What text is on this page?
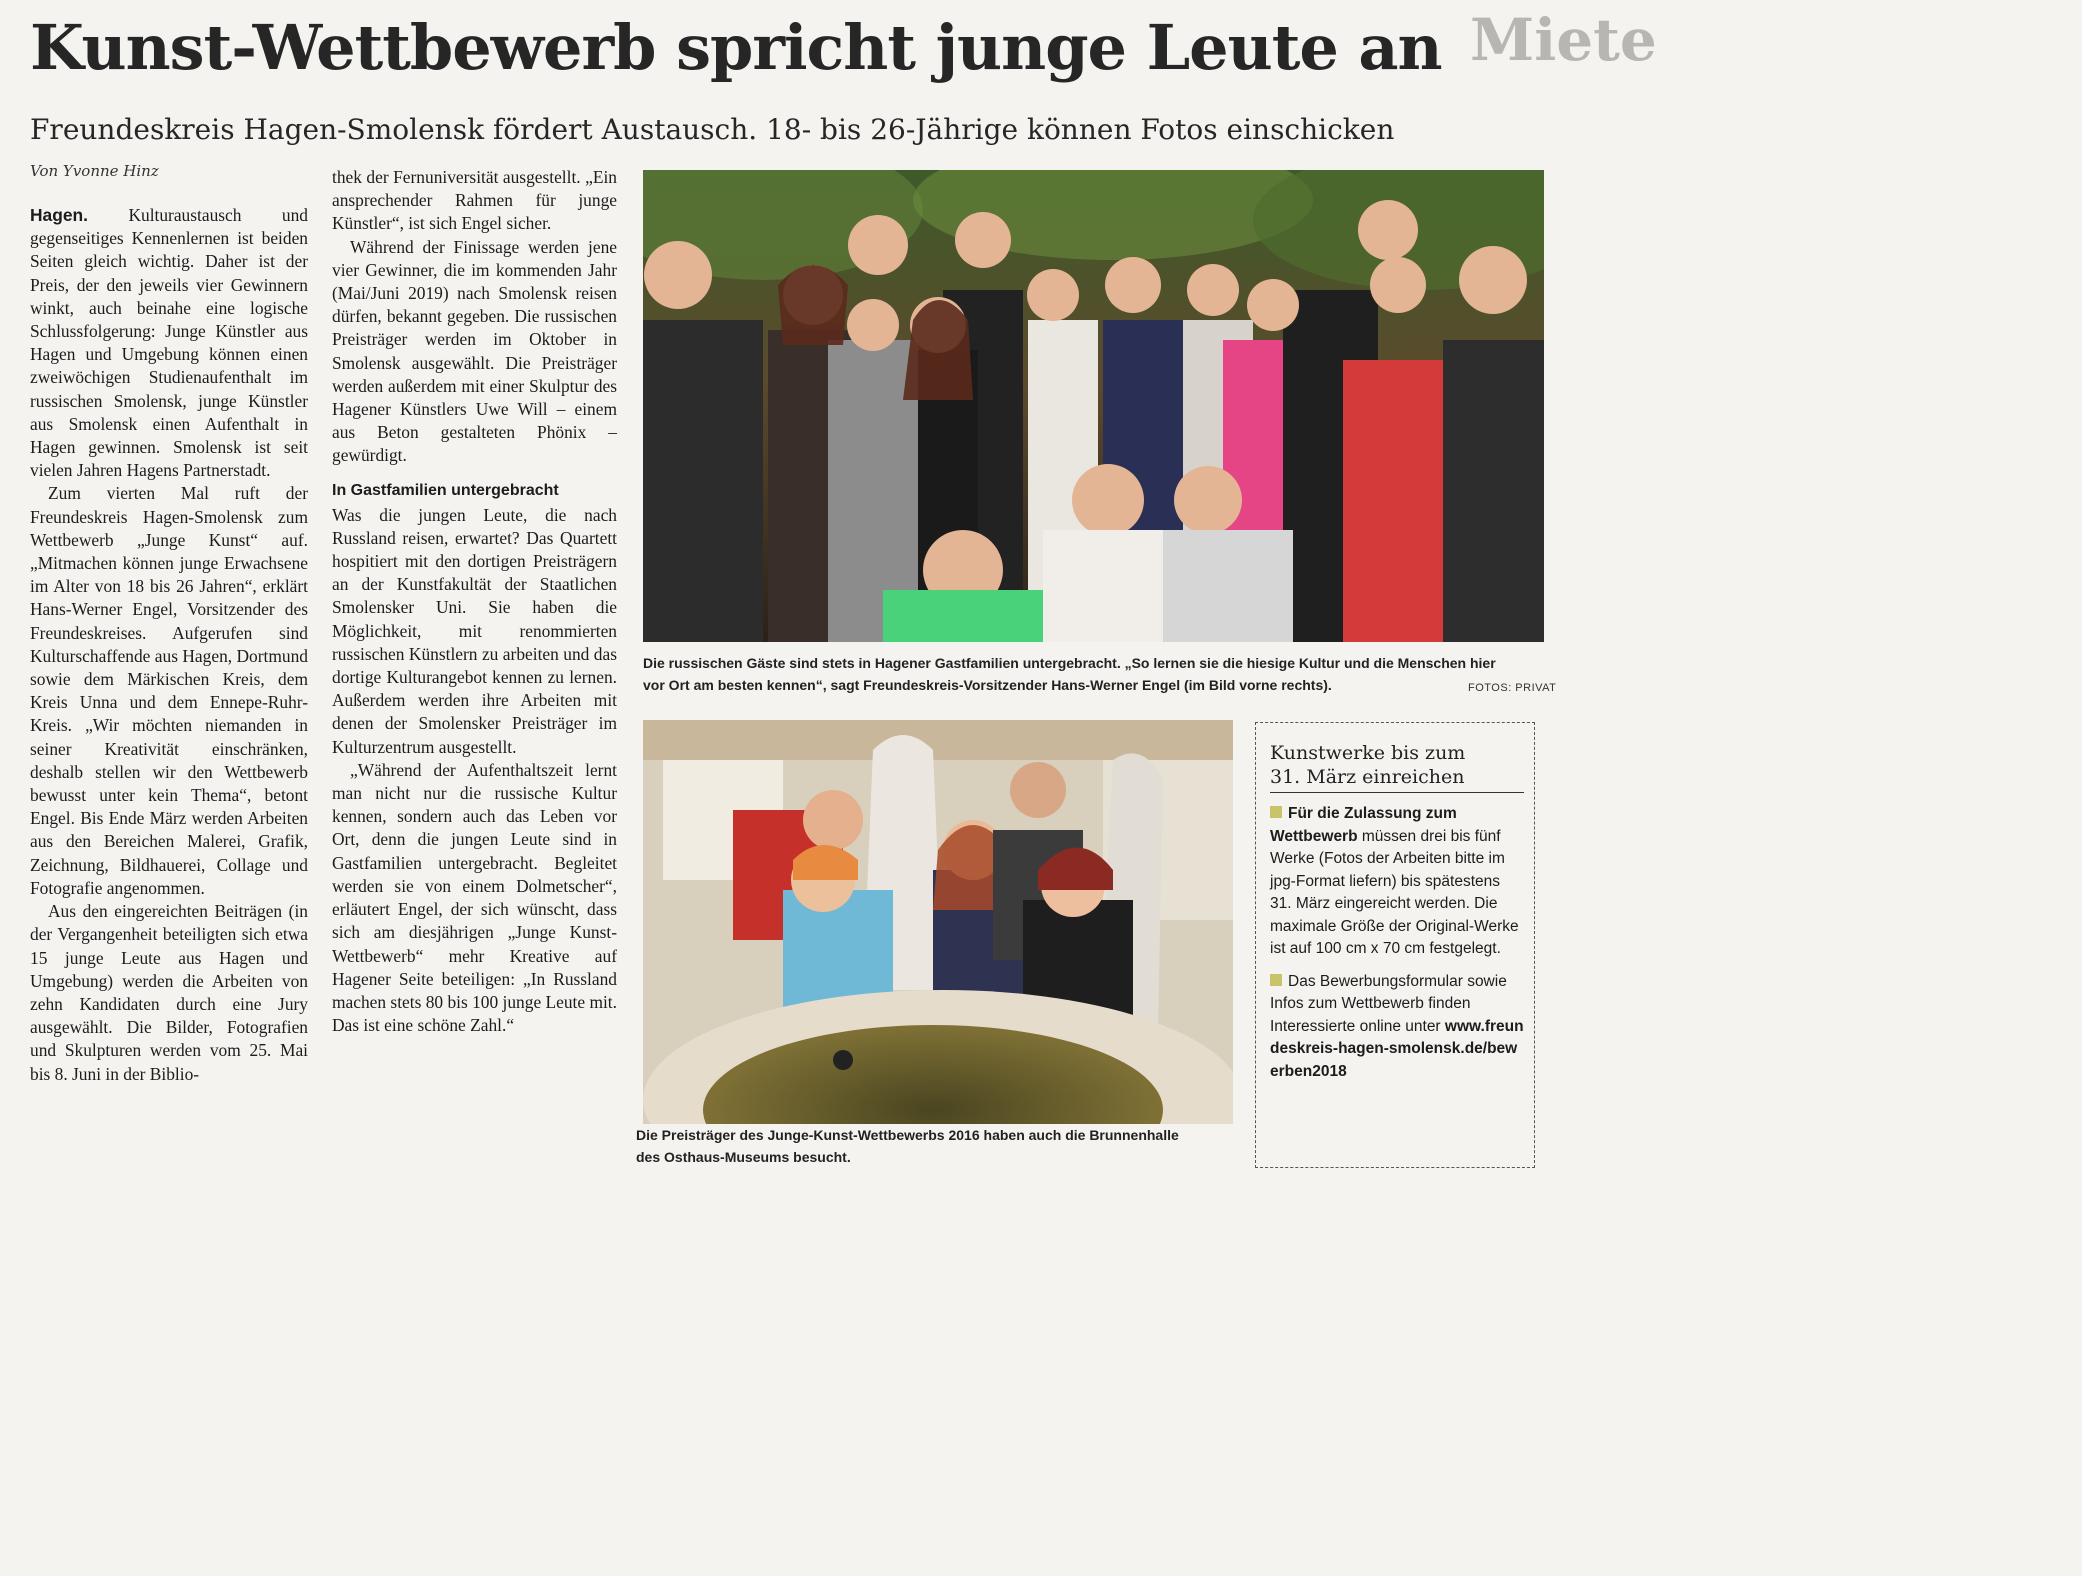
Kunst-Wettbewerb spricht junge Leute an Miete
Freundeskreis Hagen-Smolensk fördert Austausch. 18- bis 26-Jährige können Fotos einschicken
Von Yvonne Hinz

Hagen. Kulturaustausch und gegenseitiges Kennenlernen ist beiden Seiten gleich wichtig. Daher ist der Preis, der den jeweils vier Gewinnern winkt, auch beinahe eine logische Schlussfolgerung: Junge Künstler aus Hagen und Umgebung können einen zweiwöchigen Studienaufenthalt im russischen Smolensk, junge Künstler aus Smolensk einen Aufenthalt in Hagen gewinnen. Smolensk ist seit vielen Jahren Hagens Partnerstadt.

Zum vierten Mal ruft der Freundeskreis Hagen-Smolensk zum Wettbewerb „Junge Kunst“ auf. „Mitmachen können junge Erwachsene im Alter von 18 bis 26 Jahren“, erklärt Hans-Werner Engel, Vorsitzender des Freundeskreises. Aufgerufen sind Kulturschaffende aus Hagen, Dortmund sowie dem Märkischen Kreis, dem Kreis Unna und dem Ennepe-Ruhr-Kreis. „Wir möchten niemanden in seiner Kreativität einschränken, deshalb stellen wir den Wettbewerb bewusst unter kein Thema“, betont Engel. Bis Ende März werden Arbeiten aus den Bereichen Malerei, Grafik, Zeichnung, Bildhauerei, Collage und Fotografie angenommen.

Aus den eingereichten Beiträgen (in der Vergangenheit beteiligten sich etwa 15 junge Leute aus Hagen und Umgebung) werden die Arbeiten von zehn Kandidaten durch eine Jury ausgewählt. Die Bilder, Fotografien und Skulpturen werden vom 25. Mai bis 8. Juni in der Biblio-

thek der Fernuniversität ausgestellt. „Ein ansprechender Rahmen für junge Künstler“, ist sich Engel sicher.

Während der Finissage werden jene vier Gewinner, die im kommenden Jahr (Mai/Juni 2019) nach Smolensk reisen dürfen, bekannt gegeben. Die russischen Preisträger werden im Oktober in Smolensk ausgewählt. Die Preisträger werden außerdem mit einer Skulptur des Hagener Künstlers Uwe Will – einem aus Beton gestalteten Phönix – gewürdigt.

In Gastfamilien untergebracht

Was die jungen Leute, die nach Russland reisen, erwartet? Das Quartett hospitiert mit den dortigen Preisträgern an der Kunstfakultät der Staatlichen Smolensker Uni. Sie haben die Möglichkeit, mit renommierten russischen Künstlern zu arbeiten und das dortige Kulturangebot kennen zu lernen. Außerdem werden ihre Arbeiten mit denen der Smolensker Preisträger im Kulturzentrum ausgestellt.

„Während der Aufenthaltszeit lernt man nicht nur die russische Kultur kennen, sondern auch das Leben vor Ort, denn die jungen Leute sind in Gastfamilien untergebracht. Begleitet werden sie von einem Dolmetscher“, erläutert Engel, der sich wünscht, dass sich am diesjährigen „Junge Kunst-Wettbewerb“ mehr Kreative auf Hagener Seite beteiligen: „In Russland machen stets 80 bis 100 junge Leute mit. Das ist eine schöne Zahl.“

Die russischen Gäste sind stets in Hagener Gastfamilien untergebracht. „So lernen sie die hiesige Kultur und die Menschen hier
vor Ort am besten kennen“, sagt Freundeskreis-Vorsitzender Hans-Werner Engel (im Bild vorne rechts).	FOTOS: PRIVAT
Die Preisträger des Junge-Kunst-Wettbewerbs 2016 haben auch die Brunnenhalle
des Osthaus-Museums besucht.
Kunstwerke bis zum
31. März einreichen

Für die Zulassung zum Wettbewerb müssen drei bis fünf Werke (Fotos der Arbeiten bitte im jpg-Format liefern) bis spätestens 31. März eingereicht werden. Die maximale Größe der Original-Werke ist auf 100 cm x 70 cm festgelegt.

Das Bewerbungsformular sowie Infos zum Wettbewerb finden Interessierte online unter www.freundeskreis-hagen-smolensk.de/bewerben2018
